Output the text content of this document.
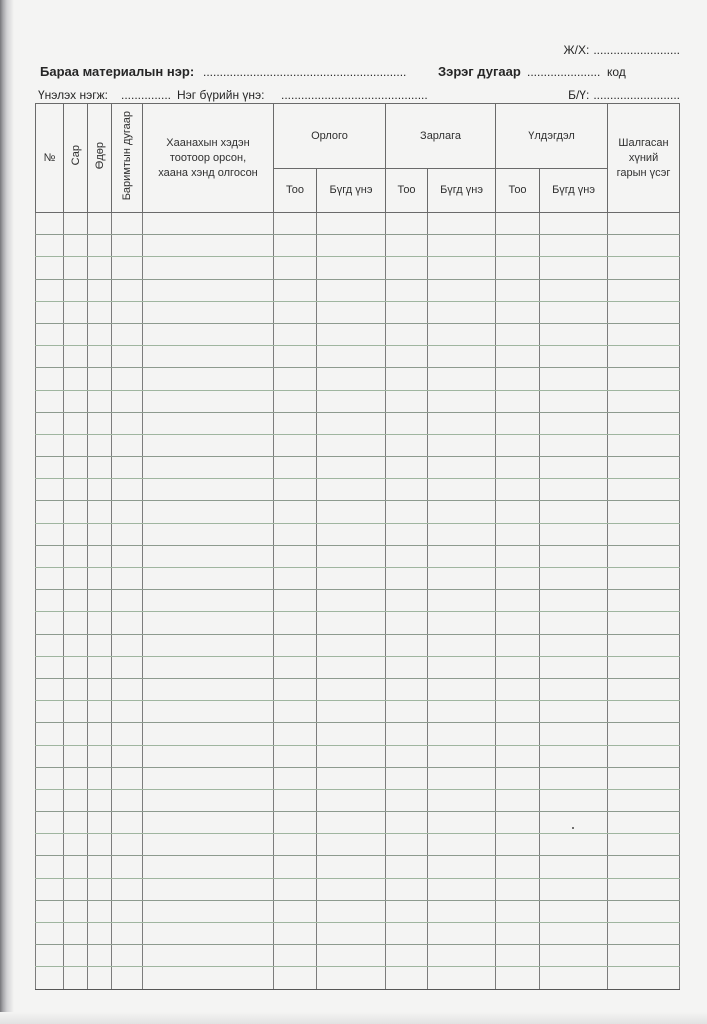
Ж/Х: ..........................
Бараа материалын нэр: ............................................................. Зэрэг дугаар ...................... код
Үнэлэх нэгж: ............... Нэг бүрийн үнэ: ............................................	Б/Ү: ..........................
№	Сар	Өдөр	Баримтын дугаар	Хаанахын хэдэн
тоотоор орсон,
хаана хэнд олгосон	Орлого		Зарлага		Үлдэгдэл		Шалгасан
хүний
гарын үсэг

					Тоо	Бүгд үнэ	Тоо	Бүгд үнэ	Тоо	Бүгд үнэ	
